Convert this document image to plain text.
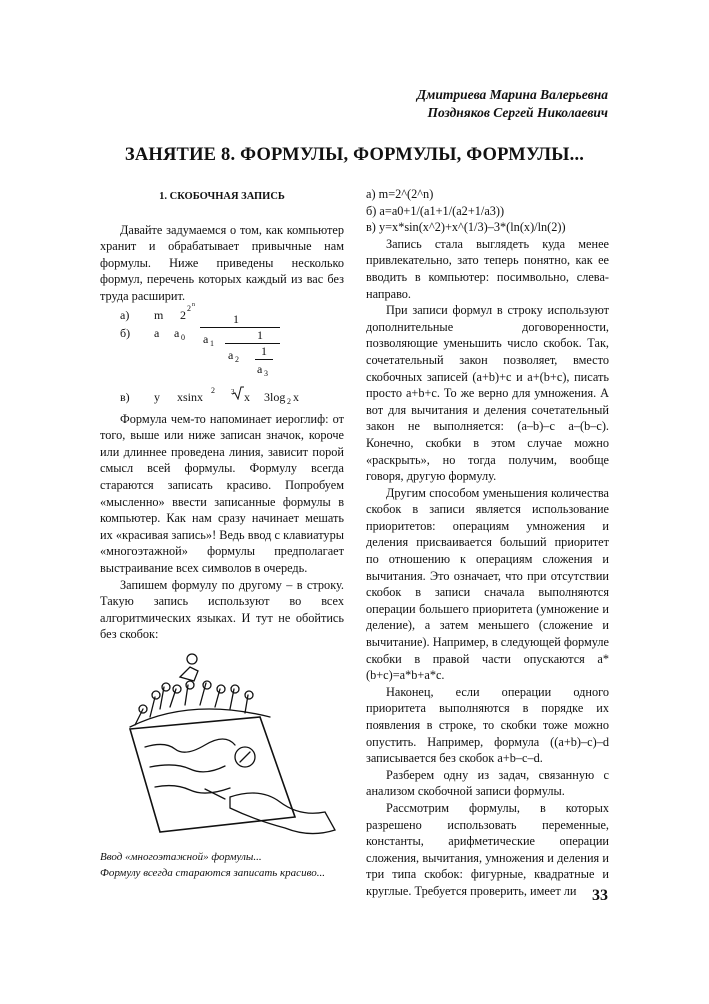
Дмитриева Марина Валерьевна
Поздняков Сергей Николаевич
ЗАНЯТИЕ 8. ФОРМУЛЫ, ФОРМУЛЫ, ФОРМУЛЫ...
1. СКОБОЧНАЯ ЗАПИСЬ

Давайте задумаемся о том, как компьютер хранит и обрабатывает привычные нам формулы. Ниже приведены несколько формул, перечень которых каждый из вас без труда расширит.

а) m 2 2 n
б) a a 0
1
a 1
1
a 2
1
a 3
в) y xsinx 2 3 x 3log 2 x

Формула чем-то напоминает иероглиф: от того, выше или ниже записан значок, короче или длиннее проведена линия, зависит порой смысл всей формулы. Формулу всегда стараются записать красиво. Попробуем «мысленно» ввести записанные формулы в компьютер. Как нам сразу начинает мешать их «красивая запись»! Ведь ввод с клавиатуры «многоэтажной» формулы предполагает выстраивание всех символов в очередь.

Запишем формулу по другому – в строку. Такую запись используют во всех алгоритмических языках. И тут не обойтись без скобок:

Ввод «многоэтажной» формулы...
Формулу всегда стараются записать красиво...
а) m=2^(2^n)
б) a=a0+1/(a1+1/(a2+1/a3))
в) y=x*sin(x^2)+x^(1/3)–3*(ln(x)/ln(2))

Запись стала выглядеть куда менее привлекательно, зато теперь понятно, как ее вводить в компьютер: посимвольно, слева-направо.

При записи формул в строку используют дополнительные договоренности, позволяющие уменьшить число скобок. Так, сочетательный закон позволяет, вместо скобочных записей (a+b)+c и a+(b+c), писать просто a+b+c. То же верно для умножения. А вот для вычитания и деления сочетательный закон не выполняется: (a–b)–c a–(b–c). Конечно, скобки в этом случае можно «раскрыть», но тогда получим, вообще говоря, другую формулу.

Другим способом уменьшения количества скобок в записи является использование приоритетов: операциям умножения и деления присваивается больший приоритет по отношению к операциям сложения и вычитания. Это означает, что при отсутствии скобок в записи сначала выполняются операции большего приоритета (умножение и деление), а затем меньшего (сложение и вычитание). Например, в следующей формуле скобки в правой части опускаются a*(b+c)=a*b+a*c.

Наконец, если операции одного приоритета выполняются в порядке их появления в строке, то скобки тоже можно опустить. Например, формула ((a+b)–c)–d записывается без скобок a+b–c–d.

Разберем одну из задач, связанную с анализом скобочной записи формулы.

Рассмотрим формулы, в которых разрешено использовать переменные, константы, арифметические операции сложения, вычитания, умножения и деления и три типа скобок: фигурные, квадратные и круглые. Требуется проверить, имеет ли 33
